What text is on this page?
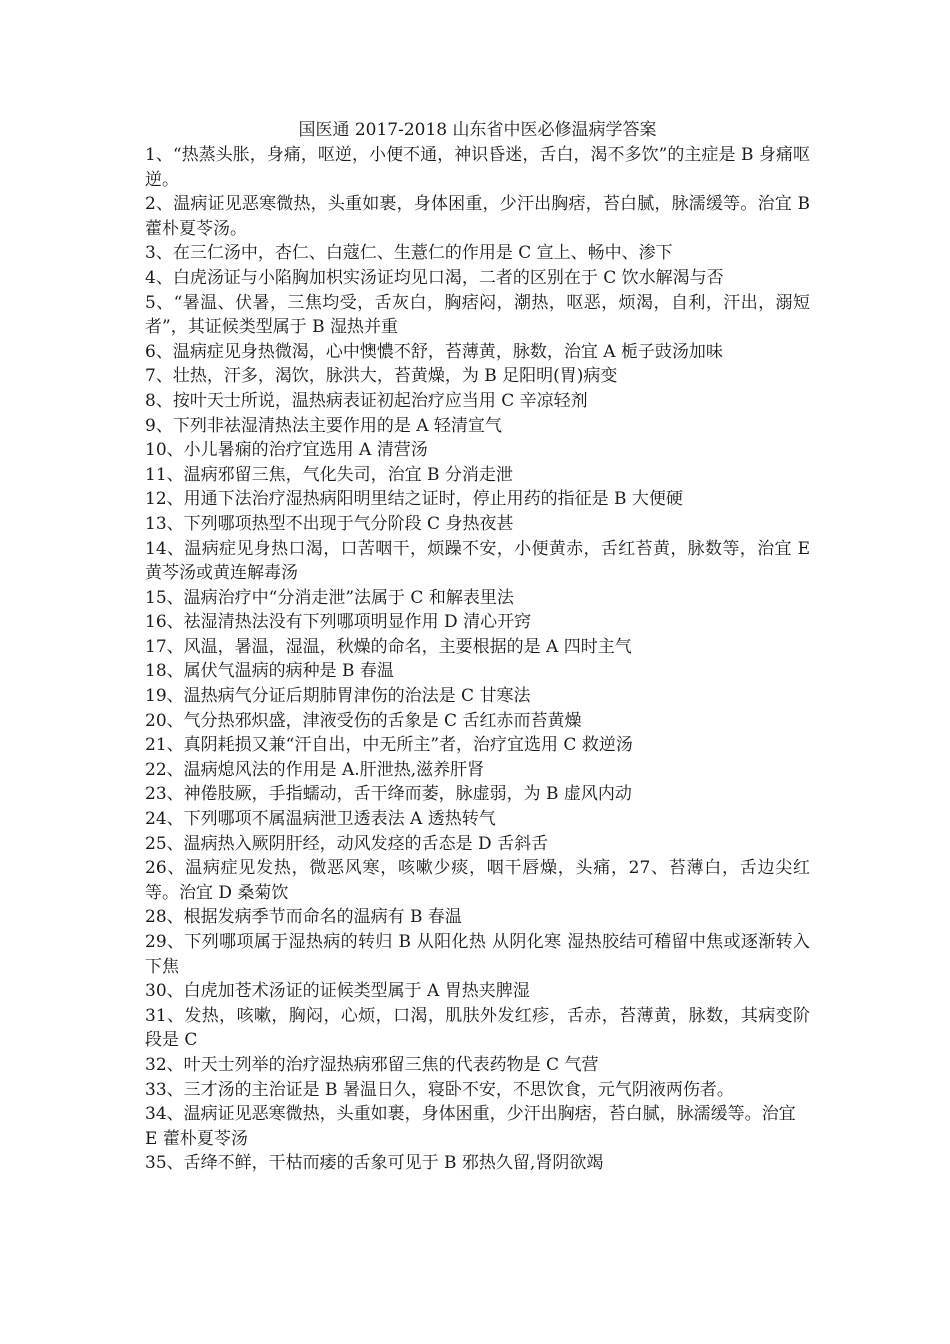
国医通 2017-2018 山东省中医必修温病学答案

1、“热蒸头胀，身痛，呕逆，小便不通，神识昏迷，舌白，渴不多饮”的主症是 B 身痛呕逆。
2、温病证见恶寒微热，头重如裹，身体困重，少汗出胸痞，苔白腻，脉濡缓等。治宜 B 藿朴夏苓汤。
3、在三仁汤中，杏仁、白蔻仁、生薏仁的作用是 C 宣上、畅中、渗下
4、白虎汤证与小陷胸加枳实汤证均见口渴，二者的区别在于 C 饮水解渴与否
5、“暑温、伏暑，三焦均受，舌灰白，胸痞闷，潮热，呕恶，烦渴，自利，汗出，溺短者”，其证候类型属于 B 湿热并重
6、温病症见身热微渴，心中懊憹不舒，苔薄黄，脉数，治宜 A 栀子豉汤加味
7、壮热，汗多，渴饮，脉洪大，苔黄燥，为 B 足阳明(胃)病变
8、按叶天士所说，温热病表证初起治疗应当用 C 辛凉轻剂
9、下列非祛湿清热法主要作用的是 A 轻清宣气
10、小儿暑痫的治疗宜选用 A 清营汤
11、温病邪留三焦，气化失司，治宜 B 分消走泄
12、用通下法治疗湿热病阳明里结之证时，停止用药的指征是 B 大便硬
13、下列哪项热型不出现于气分阶段 C 身热夜甚
14、温病症见身热口渴，口苦咽干，烦躁不安，小便黄赤，舌红苔黄，脉数等，治宜 E 黄芩汤或黄连解毒汤
15、温病治疗中“分消走泄”法属于 C 和解表里法
16、祛湿清热法没有下列哪项明显作用 D 清心开窍
17、风温，暑温，湿温，秋燥的命名，主要根据的是 A 四时主气
18、属伏气温病的病种是 B 春温
19、温热病气分证后期肺胃津伤的治法是 C 甘寒法
20、气分热邪炽盛，津液受伤的舌象是 C 舌红赤而苔黄燥
21、真阴耗损又兼“汗自出，中无所主”者，治疗宜选用 C 救逆汤
22、温病熄风法的作用是 A.肝泄热,滋养肝肾
23、神倦肢厥，手指蠕动，舌干绛而萎，脉虚弱，为 B 虚风内动
24、下列哪项不属温病泄卫透表法 A 透热转气
25、温病热入厥阴肝经，动风发痉的舌态是 D 舌斜舌
26、温病症见发热，微恶风寒，咳嗽少痰，咽干唇燥，头痛，27、苔薄白，舌边尖红等。治宜 D 桑菊饮
28、根据发病季节而命名的温病有 B 春温
29、下列哪项属于湿热病的转归 B 从阳化热 从阴化寒 湿热胶结可稽留中焦或逐渐转入下焦
30、白虎加苍术汤证的证候类型属于 A 胃热夹脾湿
31、发热，咳嗽，胸闷，心烦，口渴，肌肤外发红疹，舌赤，苔薄黄，脉数，其病变阶段是 C
32、叶天士列举的治疗湿热病邪留三焦的代表药物是 C 气营
33、三才汤的主治证是 B 暑温日久，寝卧不安，不思饮食，元气阴液两伤者。
34、温病证见恶寒微热，头重如裹，身体困重，少汗出胸痞，苔白腻，脉濡缓等。治宜
E 藿朴夏苓汤
35、舌绛不鲜，干枯而痿的舌象可见于 B 邪热久留,肾阴欲竭
